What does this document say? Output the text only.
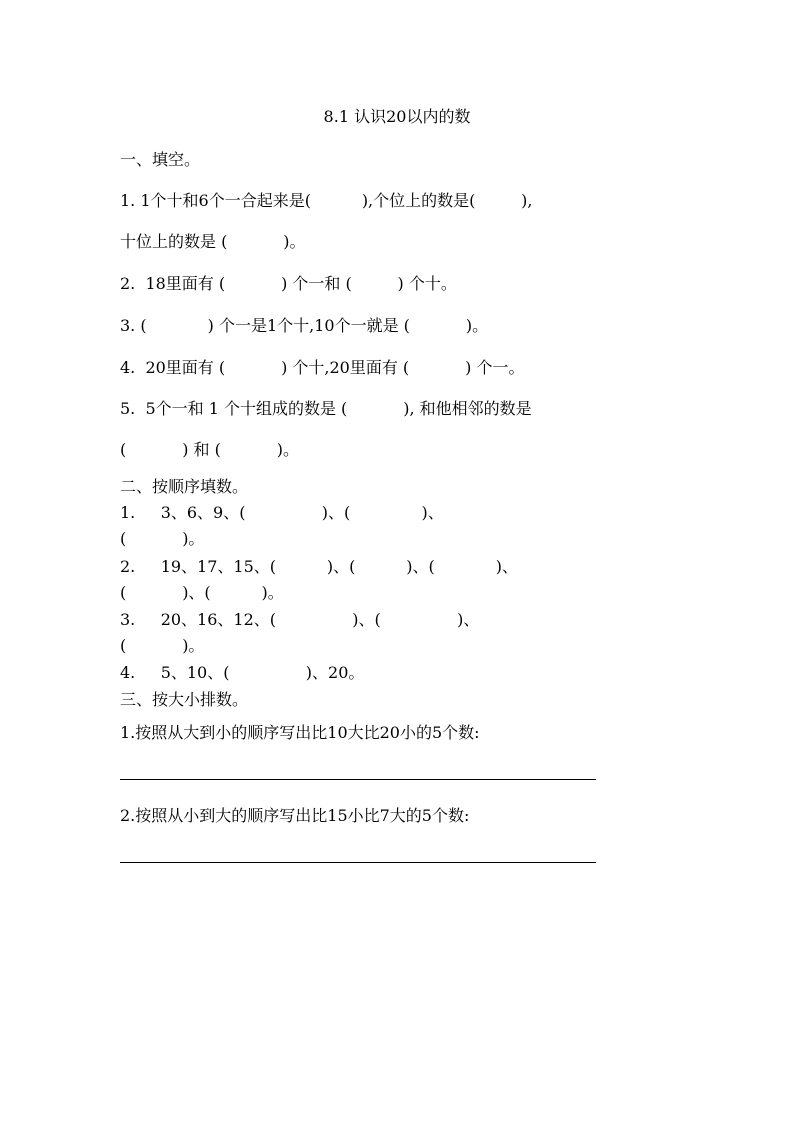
8.1 认识20以内的数
一、填空。
1. 1个十和6个一合起来是(          ),个位上的数是(         ),
十位上的数是 (           )。
2.  18里面有 (           ) 个一和 (         ) 个十。
3. (            ) 个一是1个十,10个一就是 (           )。
4.  20里面有 (           ) 个十,20里面有 (           ) 个一。
5.  5个一和 1 个十组成的数是 (           ), 和他相邻的数是
(           ) 和 (           )。
二、按顺序填数。
1.     3、6、9、(               )、(              )、
(           )。
2.     19、17、15、(          )、(          )、(            )、
(           )、(          )。
3.     20、16、12、(               )、(               )、
(           )。
4.     5、10、(               )、20。
三、按大小排数。
1.按照从大到小的顺序写出比10大比20小的5个数:
2.按照从小到大的顺序写出比15小比7大的5个数:
